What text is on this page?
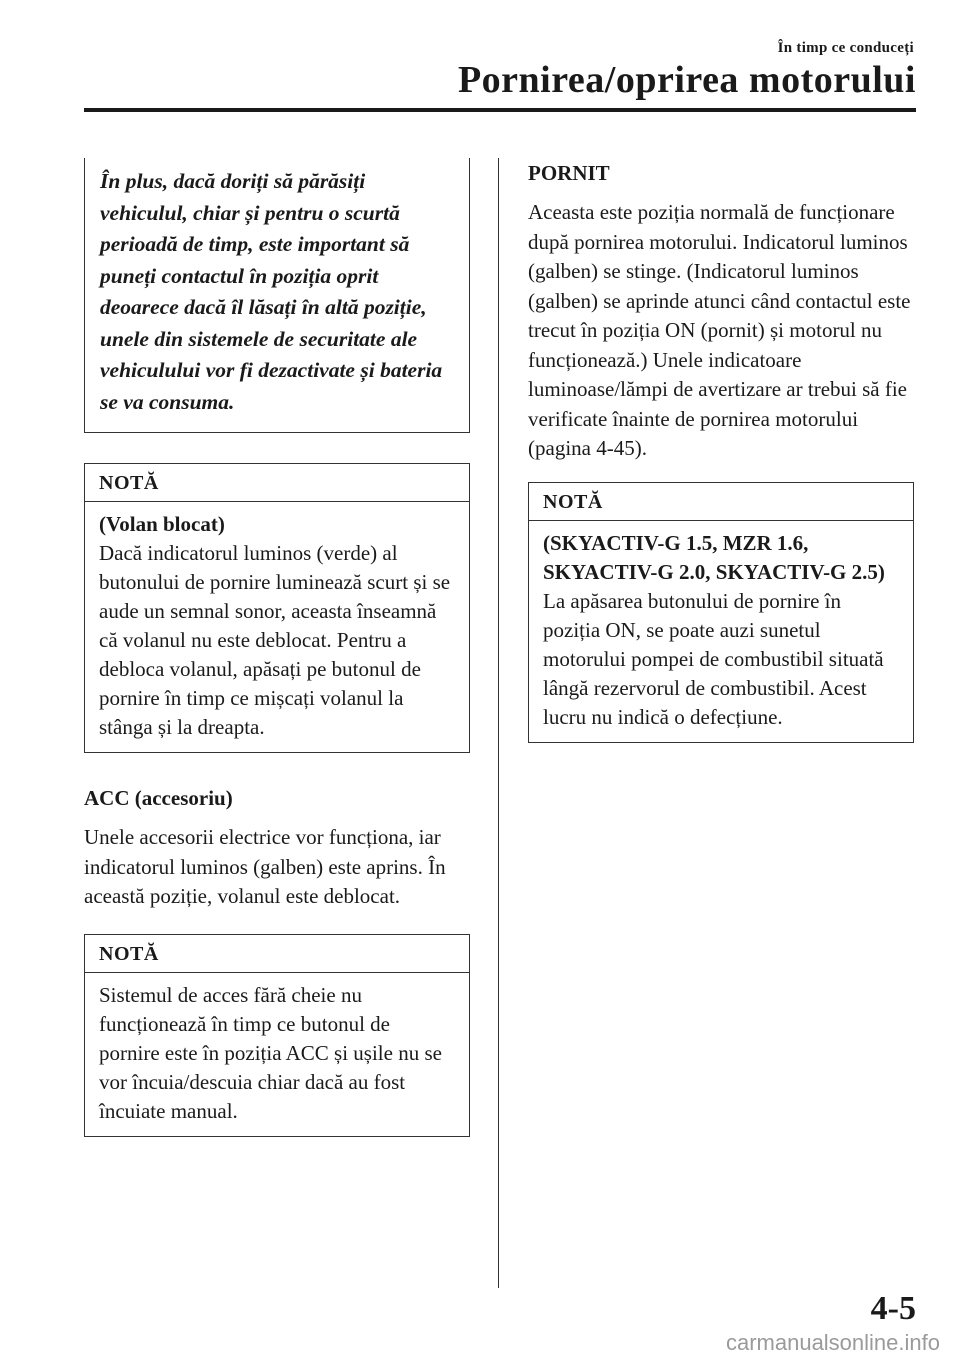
În timp ce conduceți
Pornirea/oprirea motorului

În plus, dacă doriți să părăsiți vehiculul, chiar și pentru o scurtă perioadă de timp, este important să puneți contactul în poziția oprit deoarece dacă îl lăsați în altă poziție, unele din sistemele de securitate ale vehiculului vor fi dezactivate și bateria se va consuma.

NOTĂ

(Volan blocat)

Dacă indicatorul luminos (verde) al butonului de pornire luminează scurt și se aude un semnal sonor, aceasta înseamnă că volanul nu este deblocat. Pentru a debloca volanul, apăsați pe butonul de pornire în timp ce mișcați volanul la stânga și la dreapta.

ACC (accesoriu)

Unele accesorii electrice vor funcționa, iar indicatorul luminos (galben) este aprins. În această poziție, volanul este deblocat.

NOTĂ

Sistemul de acces fără cheie nu funcționează în timp ce butonul de pornire este în poziția ACC și ușile nu se vor încuia/descuia chiar dacă au fost încuiate manual.

PORNIT

Aceasta este poziția normală de funcționare după pornirea motorului. Indicatorul luminos (galben) se stinge. (Indicatorul luminos (galben) se aprinde atunci când contactul este trecut în poziția ON (pornit) și motorul nu funcționează.) Unele indicatoare luminoase/lămpi de avertizare ar trebui să fie verificate înainte de pornirea motorului (pagina 4-45).

NOTĂ

(SKYACTIV-G 1.5, MZR 1.6, SKYACTIV-G 2.0, SKYACTIV-G 2.5)

La apăsarea butonului de pornire în poziția ON, se poate auzi sunetul motorului pompei de combustibil situată lângă rezervorul de combustibil. Acest lucru nu indică o defecțiune.

4-5
carmanualsonline.info
